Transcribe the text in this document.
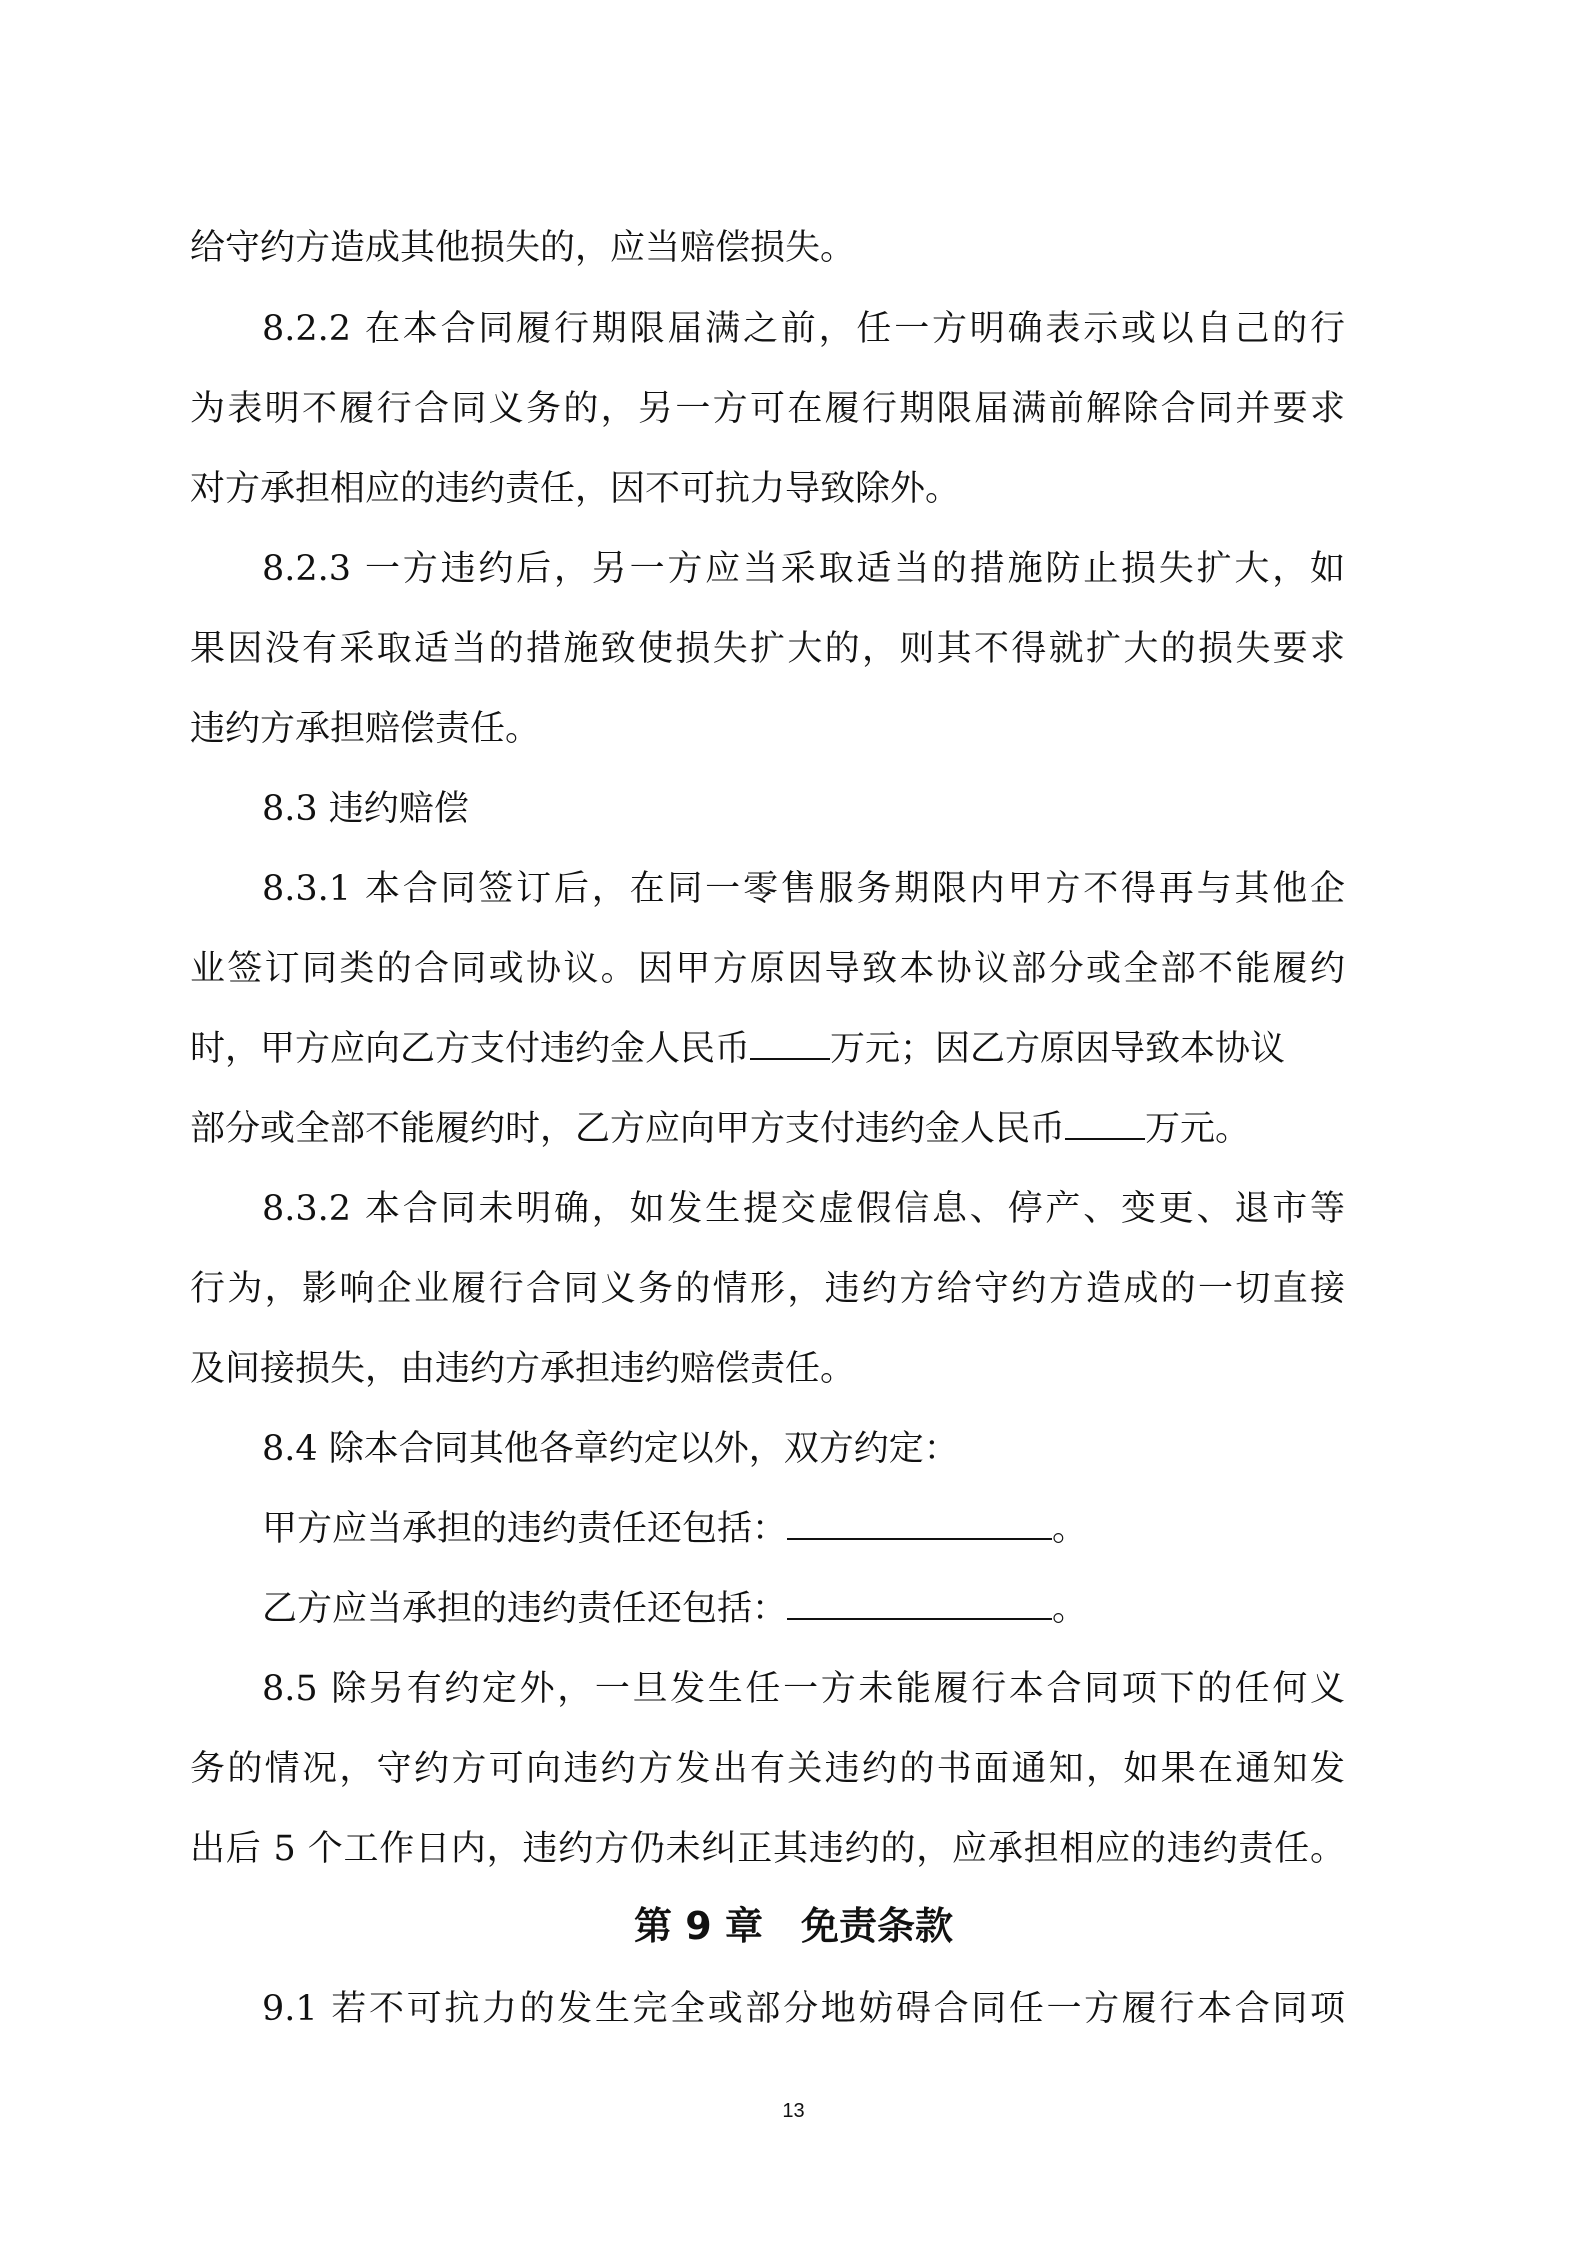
给守约方造成其他损失的，应当赔偿损失。
8.2.2 在本合同履行期限届满之前，任一方明确表示或以自己的行
为表明不履行合同义务的，另一方可在履行期限届满前解除合同并要求
对方承担相应的违约责任，因不可抗力导致除外。
8.2.3 一方违约后，另一方应当采取适当的措施防止损失扩大，如
果因没有采取适当的措施致使损失扩大的，则其不得就扩大的损失要求
违约方承担赔偿责任。
8.3 违约赔偿
8.3.1 本合同签订后，在同一零售服务期限内甲方不得再与其他企
业签订同类的合同或协议。因甲方原因导致本协议部分或全部不能履约
时，甲方应向乙方支付违约金人民币 万元；因乙方原因导致本协议
部分或全部不能履约时，乙方应向甲方支付违约金人民币 万元。
8.3.2 本合同未明确，如发生提交虚假信息、停产、变更、退市等
行为，影响企业履行合同义务的情形，违约方给守约方造成的一切直接
及间接损失，由违约方承担违约赔偿责任。
8.4 除本合同其他各章约定以外，双方约定：
甲方应当承担的违约责任还包括：	。
乙方应当承担的违约责任还包括：	。
8.5 除另有约定外，一旦发生任一方未能履行本合同项下的任何义
务的情况，守约方可向违约方发出有关违约的书面通知，如果在通知发
出后 5 个工作日内，违约方仍未纠正其违约的，应承担相应的违约责任。
第 9 章　免责条款
9.1 若不可抗力的发生完全或部分地妨碍合同任一方履行本合同项
13
